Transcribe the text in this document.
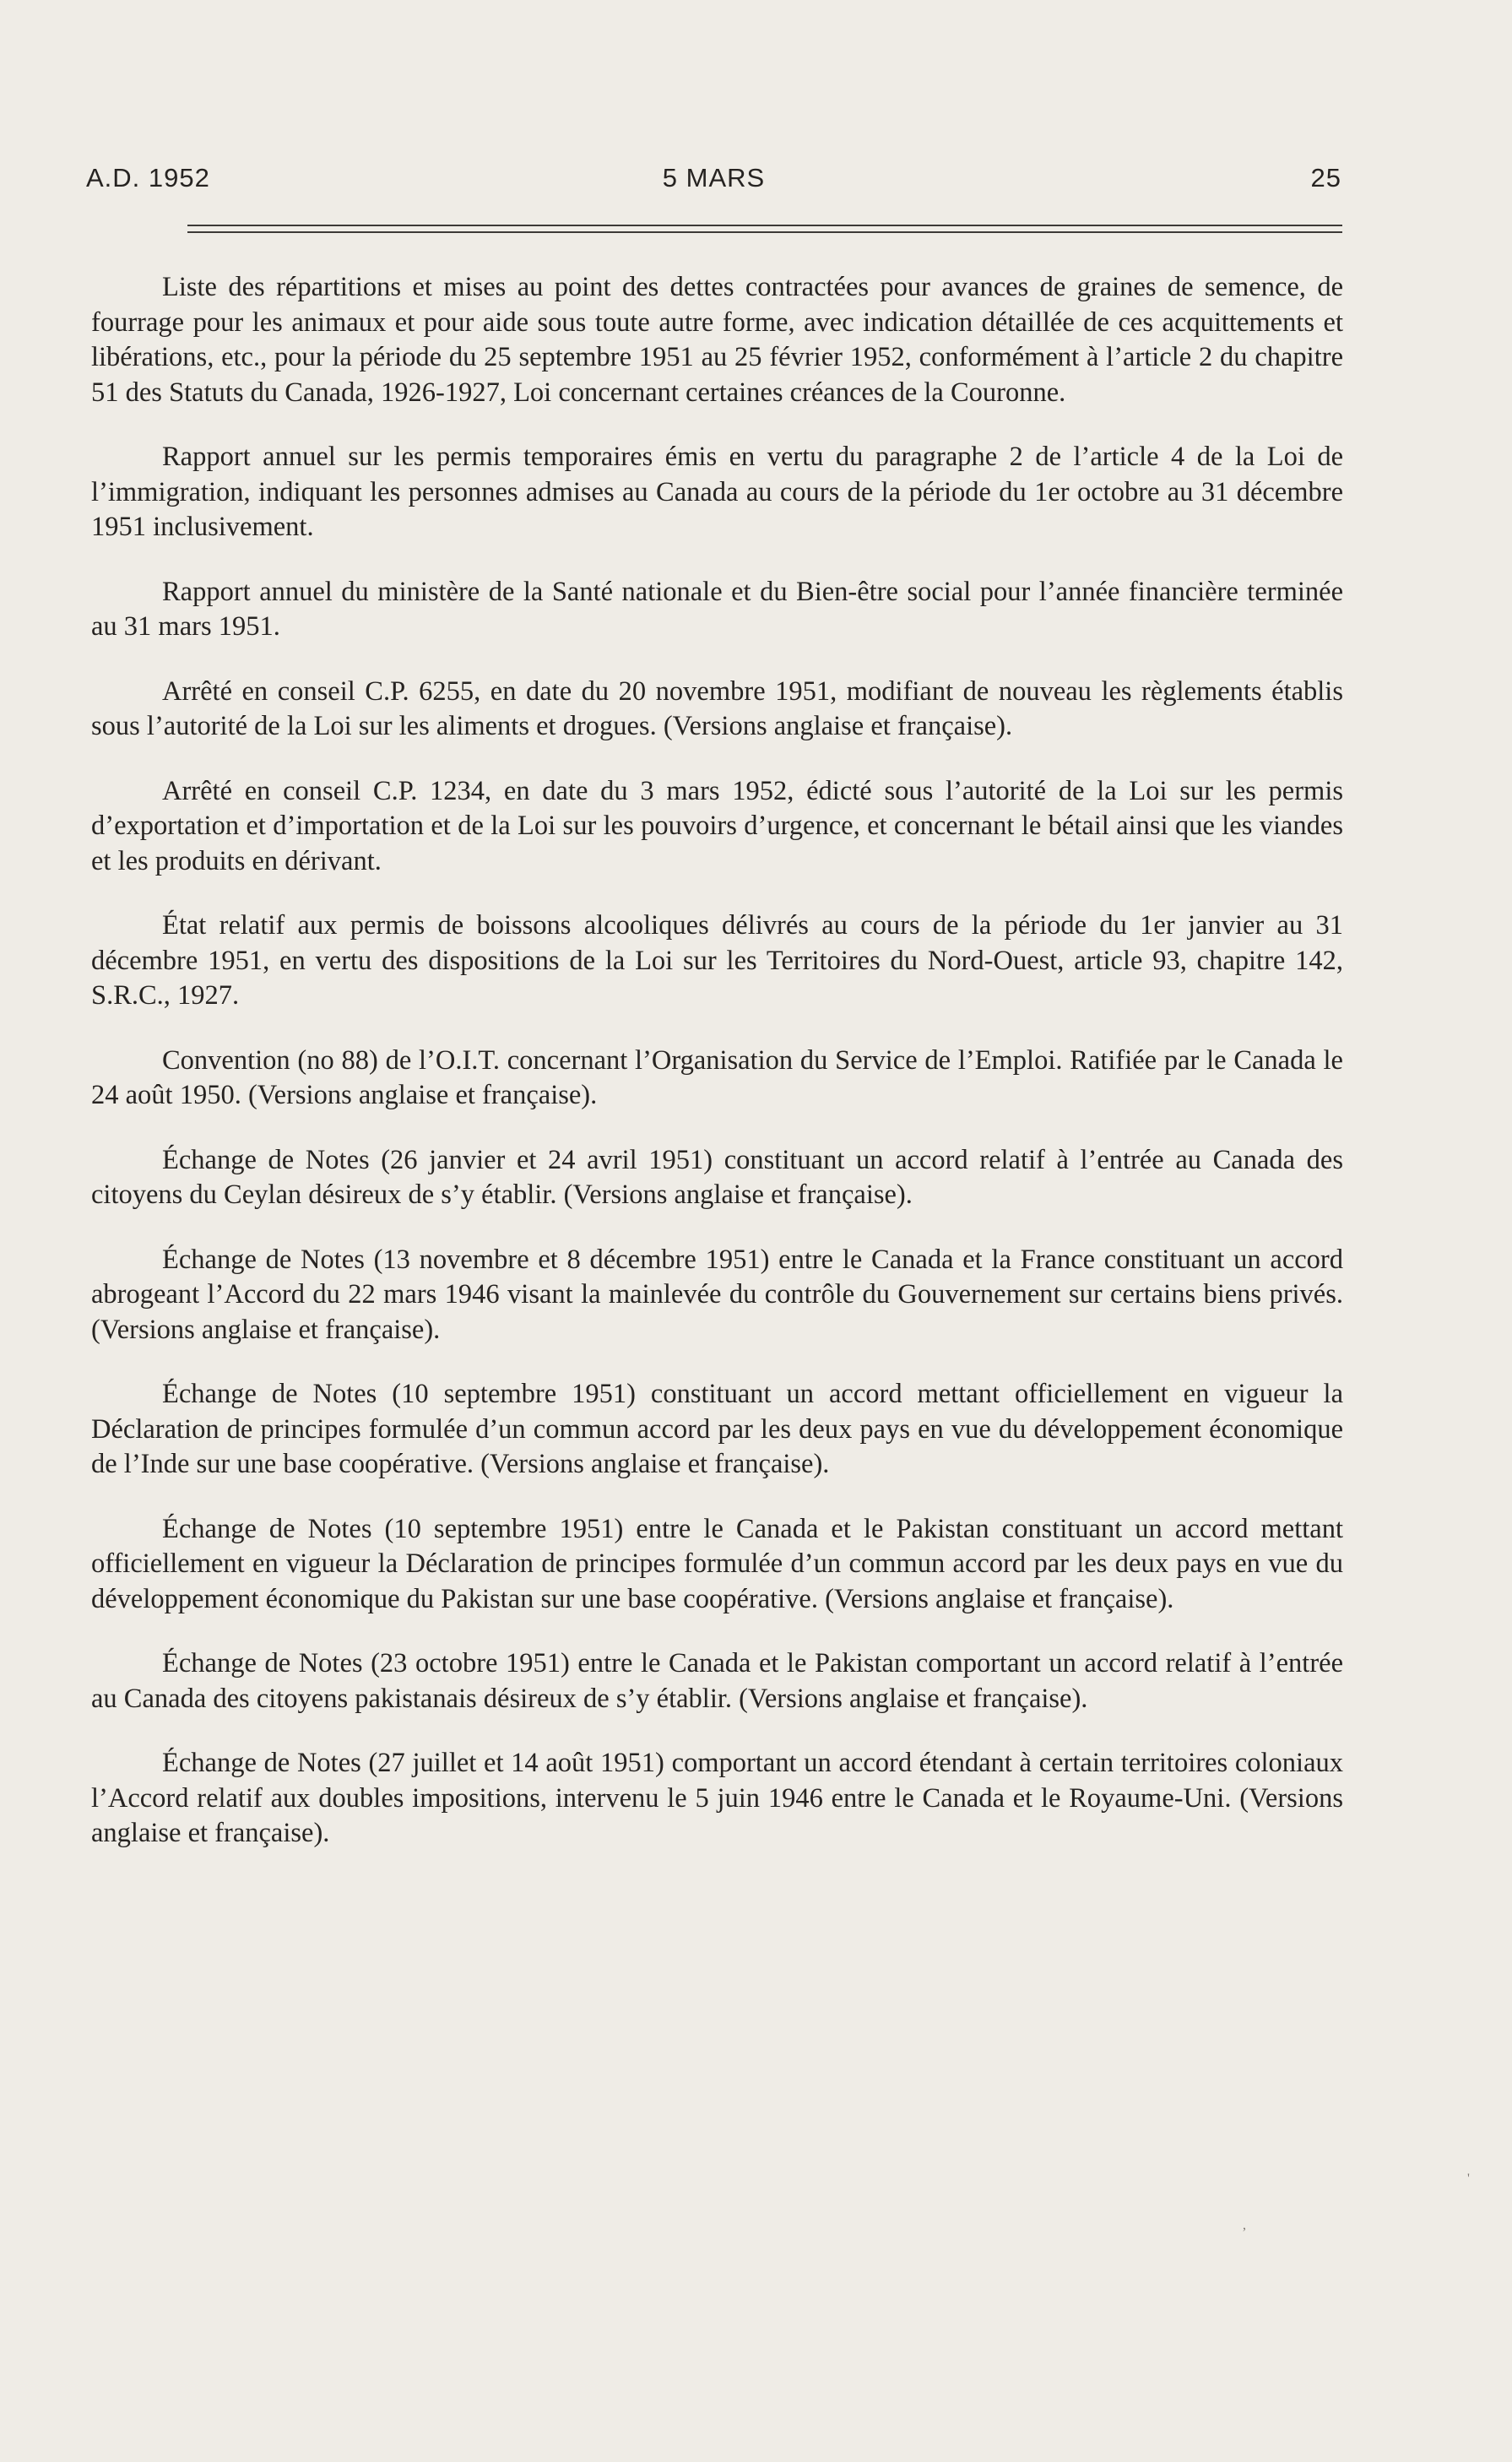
A.D. 1952	5 MARS	25

Liste des répartitions et mises au point des dettes contractées pour avances de graines de semence, de fourrage pour les animaux et pour aide sous toute autre forme, avec indication détaillée de ces acquittements et libérations, etc., pour la période du 25 septembre 1951 au 25 février 1952, conformément à l’article 2 du chapitre 51 des Statuts du Canada, 1926-1927, Loi concernant certaines créances de la Couronne.

Rapport annuel sur les permis temporaires émis en vertu du paragraphe 2 de l’article 4 de la Loi de l’immigration, indiquant les personnes admises au Canada au cours de la période du 1er octobre au 31 décembre 1951 inclusivement.

Rapport annuel du ministère de la Santé nationale et du Bien-être social pour l’année financière terminée au 31 mars 1951.

Arrêté en conseil C.P. 6255, en date du 20 novembre 1951, modifiant de nouveau les règlements établis sous l’autorité de la Loi sur les aliments et drogues. (Versions anglaise et française).

Arrêté en conseil C.P. 1234, en date du 3 mars 1952, édicté sous l’autorité de la Loi sur les permis d’exportation et d’importation et de la Loi sur les pouvoirs d’urgence, et concernant le bétail ainsi que les viandes et les produits en dérivant.

État relatif aux permis de boissons alcooliques délivrés au cours de la période du 1er janvier au 31 décembre 1951, en vertu des dispositions de la Loi sur les Territoires du Nord-Ouest, article 93, chapitre 142, S.R.C., 1927.

Convention (no 88) de l’O.I.T. concernant l’Organisation du Service de l’Emploi. Ratifiée par le Canada le 24 août 1950. (Versions anglaise et française).

Échange de Notes (26 janvier et 24 avril 1951) constituant un accord relatif à l’entrée au Canada des citoyens du Ceylan désireux de s’y établir. (Versions anglaise et française).

Échange de Notes (13 novembre et 8 décembre 1951) entre le Canada et la France constituant un accord abrogeant l’Accord du 22 mars 1946 visant la mainlevée du contrôle du Gouvernement sur certains biens privés. (Versions anglaise et française).

Échange de Notes (10 septembre 1951) constituant un accord mettant officiellement en vigueur la Déclaration de principes formulée d’un commun accord par les deux pays en vue du développement économique de l’Inde sur une base coopérative. (Versions anglaise et française).

Échange de Notes (10 septembre 1951) entre le Canada et le Pakistan constituant un accord mettant officiellement en vigueur la Déclaration de principes formulée d’un commun accord par les deux pays en vue du développement économique du Pakistan sur une base coopérative. (Versions anglaise et française).

Échange de Notes (23 octobre 1951) entre le Canada et le Pakistan comportant un accord relatif à l’entrée au Canada des citoyens pakistanais désireux de s’y établir. (Versions anglaise et française).

Échange de Notes (27 juillet et 14 août 1951) comportant un accord étendant à certain territoires coloniaux l’Accord relatif aux doubles impositions, intervenu le 5 juin 1946 entre le Canada et le Royaume-Uni. (Versions anglaise et française).

'
,
